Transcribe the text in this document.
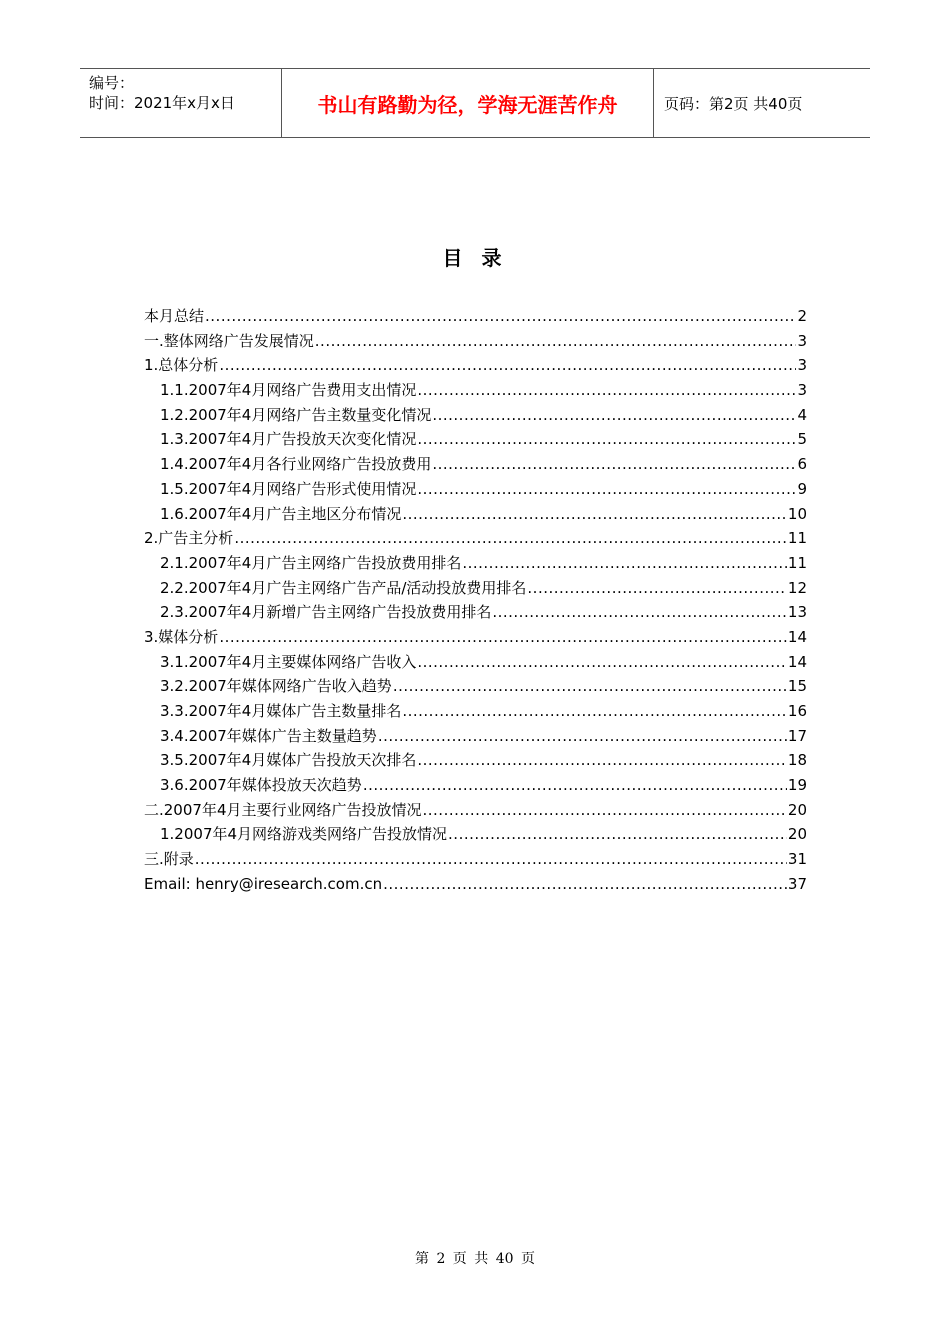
编号：
时间：2021年x月x日	书山有路勤为径，学海无涯苦作舟	页码：第2页 共40页
目 录
本月总结 .....	2
一.整体网络广告发展情况 .....	3
1.总体分析 .....	3
1.1.2007年4月网络广告费用支出情况 .....	3
1.2.2007年4月网络广告主数量变化情况 .....	4
1.3.2007年4月广告投放天次变化情况 .....	5
1.4.2007年4月各行业网络广告投放费用 .....	6
1.5.2007年4月网络广告形式使用情况 .....	9
1.6.2007年4月广告主地区分布情况 .....	10
2.广告主分析 .....	11
2.1.2007年4月广告主网络广告投放费用排名 .....	11
2.2.2007年4月广告主网络广告产品/活动投放费用排名 .....	12
2.3.2007年4月新增广告主网络广告投放费用排名 .....	13
3.媒体分析 .....	14
3.1.2007年4月主要媒体网络广告收入 .....	14
3.2.2007年媒体网络广告收入趋势 .....	15
3.3.2007年4月媒体广告主数量排名 .....	16
3.4.2007年媒体广告主数量趋势 .....	17
3.5.2007年4月媒体广告投放天次排名 .....	18
3.6.2007年媒体投放天次趋势 .....	19
二.2007年4月主要行业网络广告投放情况 .....	20
1.2007年4月网络游戏类网络广告投放情况 .....	20
三.附录 .....	31
Email: henry@iresearch.com.cn .....	37
第 2 页 共 40 页
